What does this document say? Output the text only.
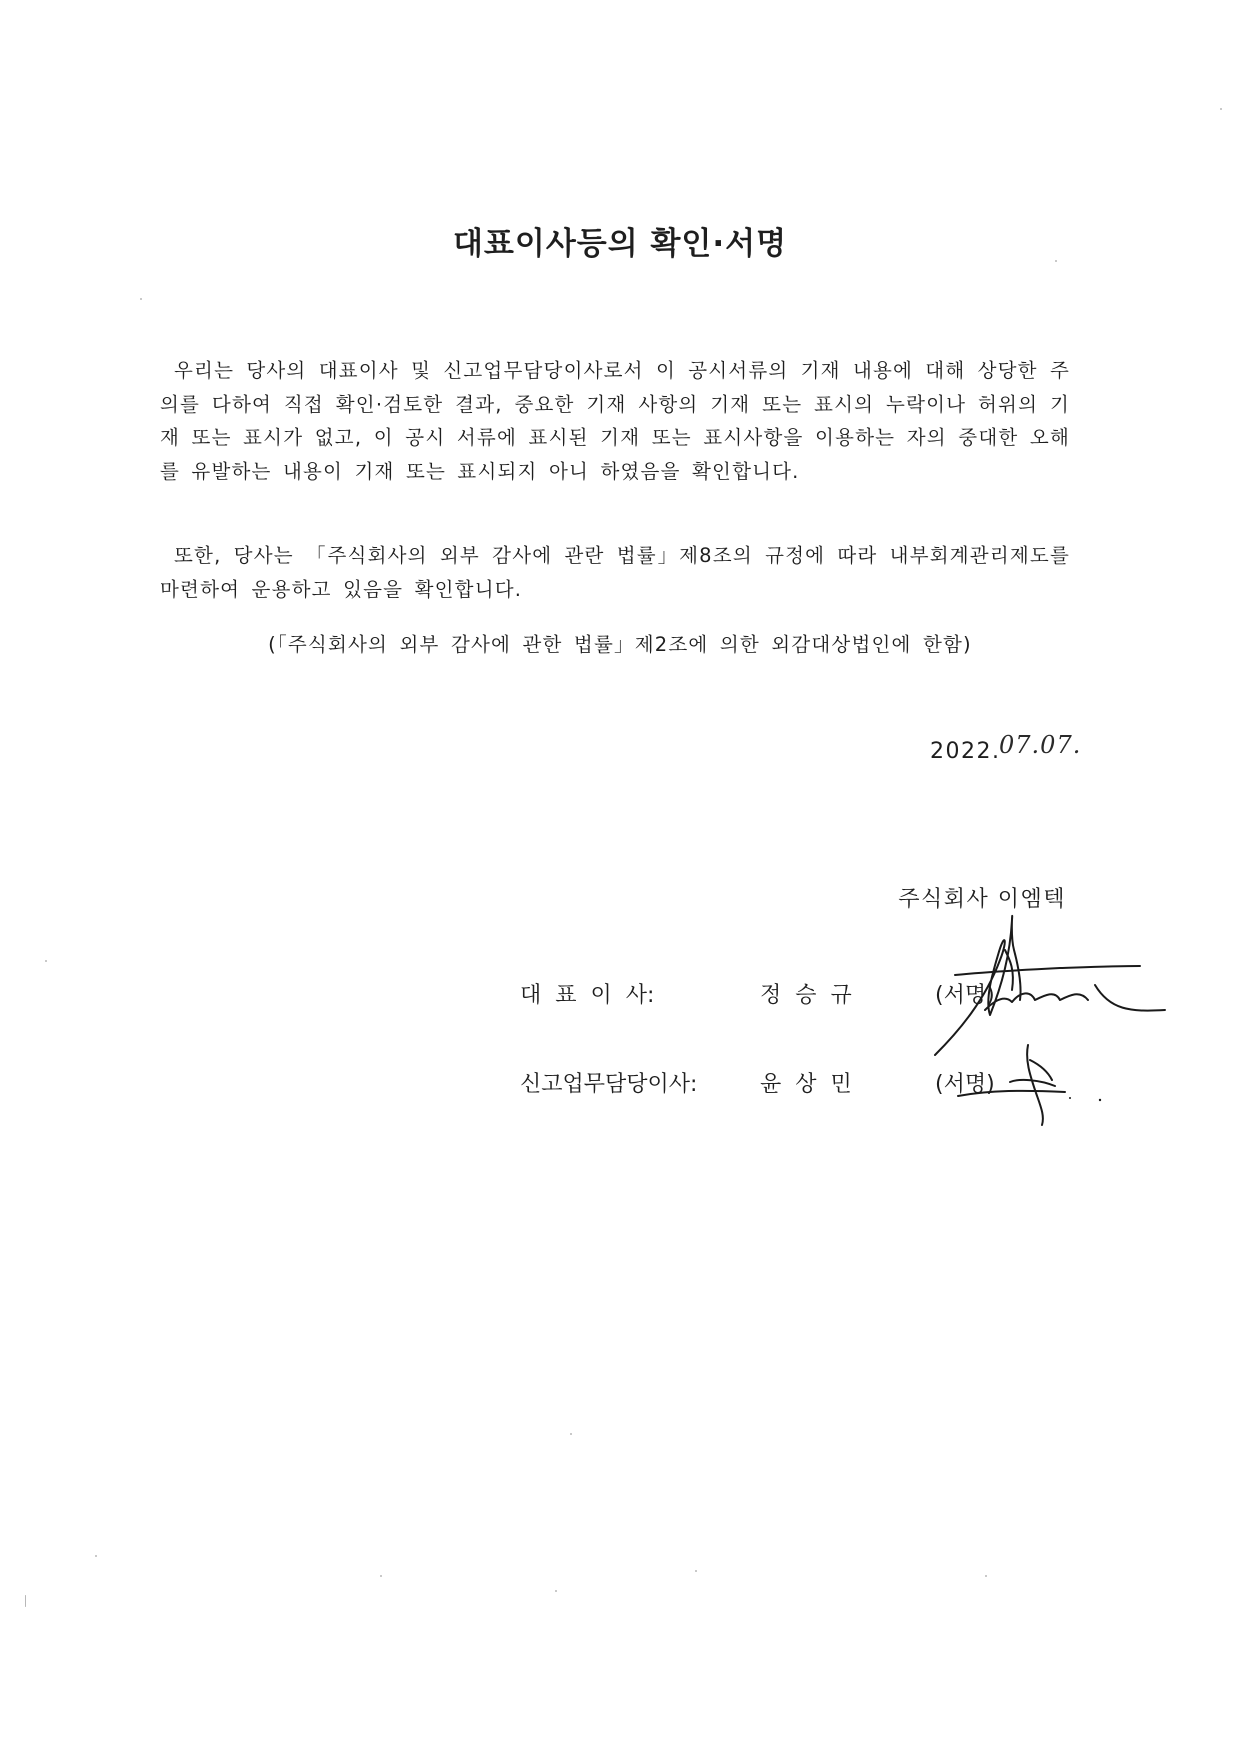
대표이사등의 확인·서명

우리는 당사의 대표이사 및 신고업무담당이사로서 이 공시서류의 기재 내용에 대해 상당한 주의를 다하여 직접 확인·검토한 결과, 중요한 기재 사항의 기재 또는 표시의 누락이나 허위의 기재 또는 표시가 없고, 이 공시 서류에 표시된 기재 또는 표시사항을 이용하는 자의 중대한 오해를 유발하는 내용이 기재 또는 표시되지 아니 하였음을 확인합니다.

또한, 당사는 「주식회사의 외부 감사에 관란 법률」제8조의 규정에 따라 내부회계관리제도를 마련하여 운용하고 있음을 확인합니다.

(「주식회사의 외부 감사에 관한 법률」제2조에 의한 외감대상법인에 한함)
2022.
07.07.
주식회사 이엠텍
대  표  이  사:	정  승  규	(서명)
신고업무담당이사:	윤  상  민	(서명)
